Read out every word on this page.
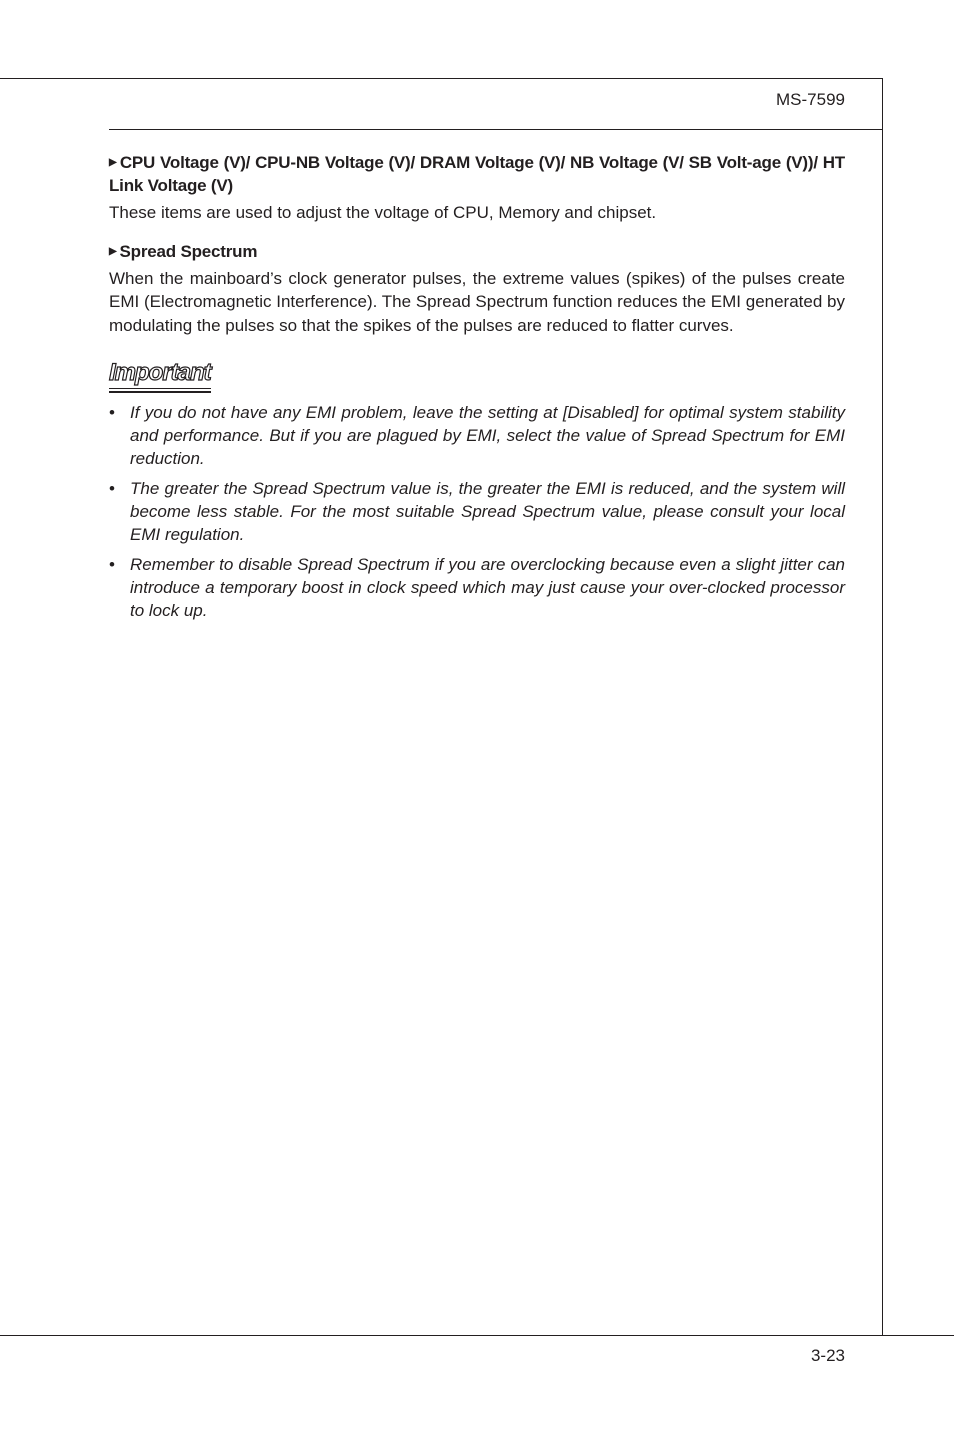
MS-7599

▶ CPU Voltage (V)/ CPU-NB Voltage (V)/ DRAM Voltage (V)/ NB Voltage (V/ SB Volt-age (V))/ HT Link Voltage (V)

These items are used to adjust the voltage of CPU, Memory and chipset.

▶ Spread Spectrum

When the mainboard’s clock generator pulses, the extreme values (spikes) of the pulses create EMI (Electromagnetic Interference). The Spread Spectrum function reduces the EMI generated by modulating the pulses so that the spikes of the pulses are reduced to flatter curves.

Important
• If you do not have any EMI problem, leave the setting at [Disabled] for optimal system stability and performance. But if you are plagued by EMI, select the value of Spread Spectrum for EMI reduction.
• The greater the Spread Spectrum value is, the greater the EMI is reduced, and the system will become less stable. For the most suitable Spread Spectrum value, please consult your local EMI regulation.
• Remember to disable Spread Spectrum if you are overclocking because even a slight jitter can introduce a temporary boost in clock speed which may just cause your over-clocked processor to lock up.
3-23
